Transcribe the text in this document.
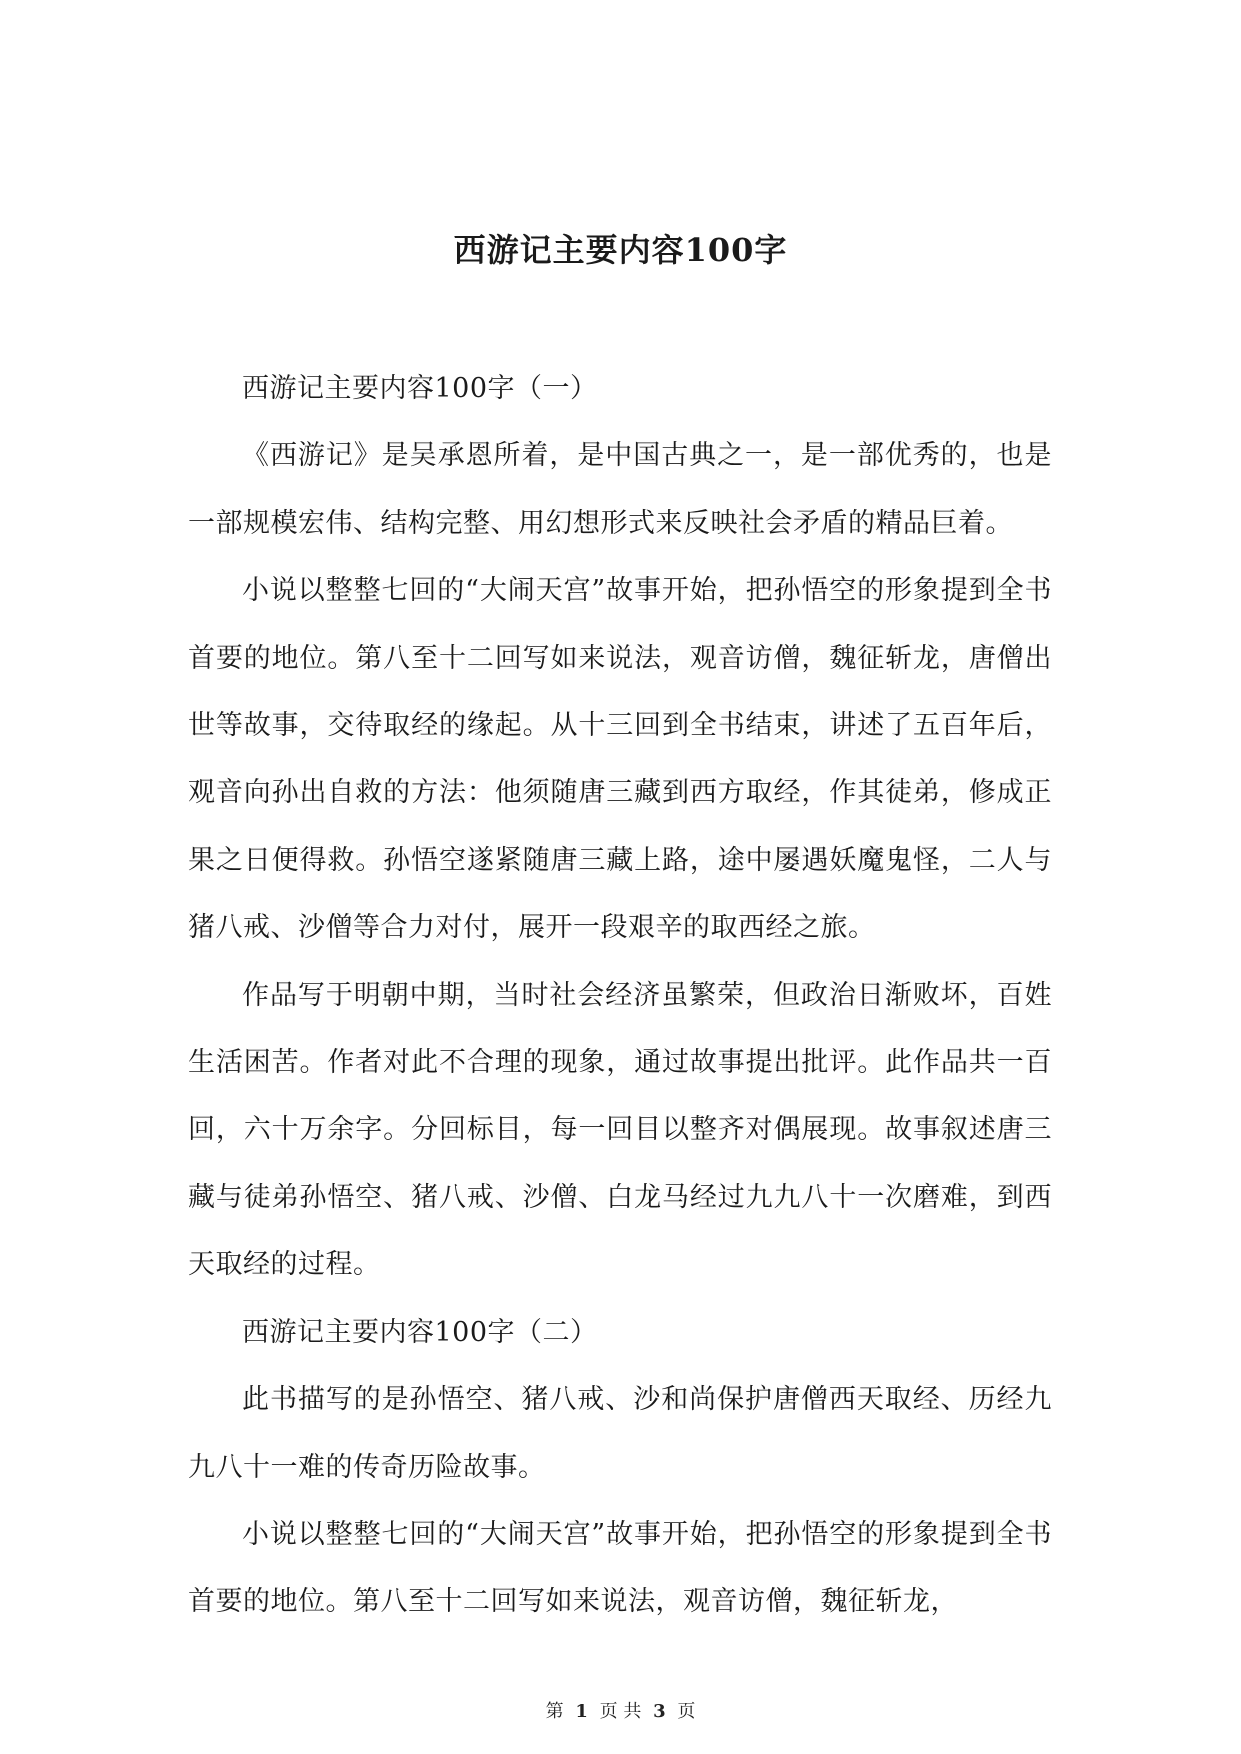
西游记主要内容100字

西游记主要内容100字（一）

《西游记》是吴承恩所着，是中国古典之一，是一部优秀的，也是一部规模宏伟、结构完整、用幻想形式来反映社会矛盾的精品巨着。

小说以整整七回的“大闹天宫”故事开始，把孙悟空的形象提到全书首要的地位。第八至十二回写如来说法，观音访僧，魏征斩龙，唐僧出世等故事，交待取经的缘起。从十三回到全书结束，讲述了五百年后，观音向孙出自救的方法：他须随唐三藏到西方取经，作其徒弟，修成正果之日便得救。孙悟空遂紧随唐三藏上路，途中屡遇妖魔鬼怪，二人与猪八戒、沙僧等合力对付，展开一段艰辛的取西经之旅。

作品写于明朝中期，当时社会经济虽繁荣，但政治日渐败坏，百姓生活困苦。作者对此不合理的现象，通过故事提出批评。此作品共一百回，六十万余字。分回标目，每一回目以整齐对偶展现。故事叙述唐三藏与徒弟孙悟空、猪八戒、沙僧、白龙马经过九九八十一次磨难，到西天取经的过程。

西游记主要内容100字（二）

此书描写的是孙悟空、猪八戒、沙和尚保护唐僧西天取经、历经九九八十一难的传奇历险故事。

小说以整整七回的“大闹天宫”故事开始，把孙悟空的形象提到全书首要的地位。第八至十二回写如来说法，观音访僧，魏征斩龙，

第 1 页 共 3 页
